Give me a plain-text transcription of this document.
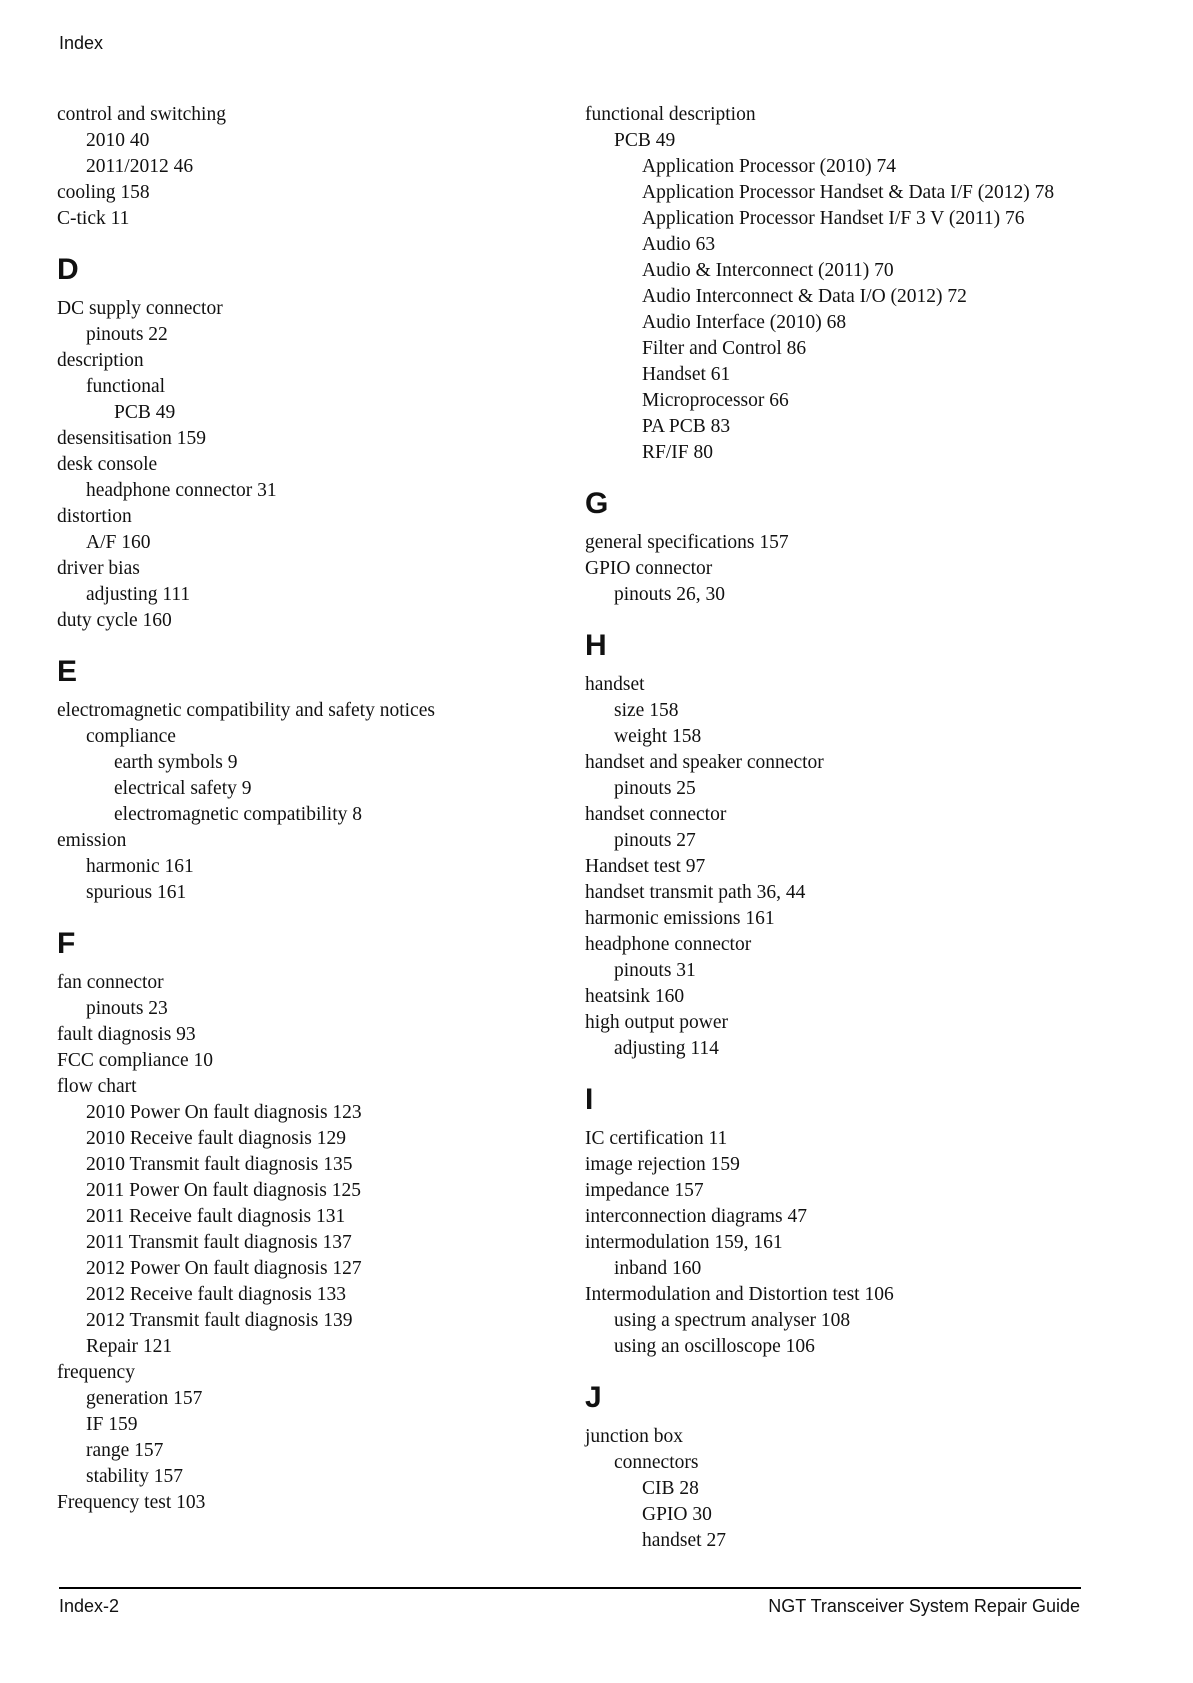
Index
control and switching
2010 40
2011/2012 46
cooling 158
C-tick 11
D
DC supply connector
pinouts 22
description
functional
PCB 49
desensitisation 159
desk console
headphone connector 31
distortion
A/F 160
driver bias
adjusting 111
duty cycle 160
E
electromagnetic compatibility and safety notices
compliance
earth symbols 9
electrical safety 9
electromagnetic compatibility 8
emission
harmonic 161
spurious 161
F
fan connector
pinouts 23
fault diagnosis 93
FCC compliance 10
flow chart
2010 Power On fault diagnosis 123
2010 Receive fault diagnosis 129
2010 Transmit fault diagnosis 135
2011 Power On fault diagnosis 125
2011 Receive fault diagnosis 131
2011 Transmit fault diagnosis 137
2012 Power On fault diagnosis 127
2012 Receive fault diagnosis 133
2012 Transmit fault diagnosis 139
Repair 121
frequency
generation 157
IF 159
range 157
stability 157
Frequency test 103
functional description
PCB 49
Application Processor (2010) 74
Application Processor Handset & Data I/F (2012) 78
Application Processor Handset I/F 3 V (2011) 76
Audio 63
Audio & Interconnect (2011) 70
Audio Interconnect & Data I/O (2012) 72
Audio Interface (2010) 68
Filter and Control 86
Handset 61
Microprocessor 66
PA PCB 83
RF/IF 80
G
general specifications 157
GPIO connector
pinouts 26, 30
H
handset
size 158
weight 158
handset and speaker connector
pinouts 25
handset connector
pinouts 27
Handset test 97
handset transmit path 36, 44
harmonic emissions 161
headphone connector
pinouts 31
heatsink 160
high output power
adjusting 114
I
IC certification 11
image rejection 159
impedance 157
interconnection diagrams 47
intermodulation 159, 161
inband 160
Intermodulation and Distortion test 106
using a spectrum analyser 108
using an oscilloscope 106
J
junction box
connectors
CIB 28
GPIO 30
handset 27
Index-2	NGT Transceiver System Repair Guide
